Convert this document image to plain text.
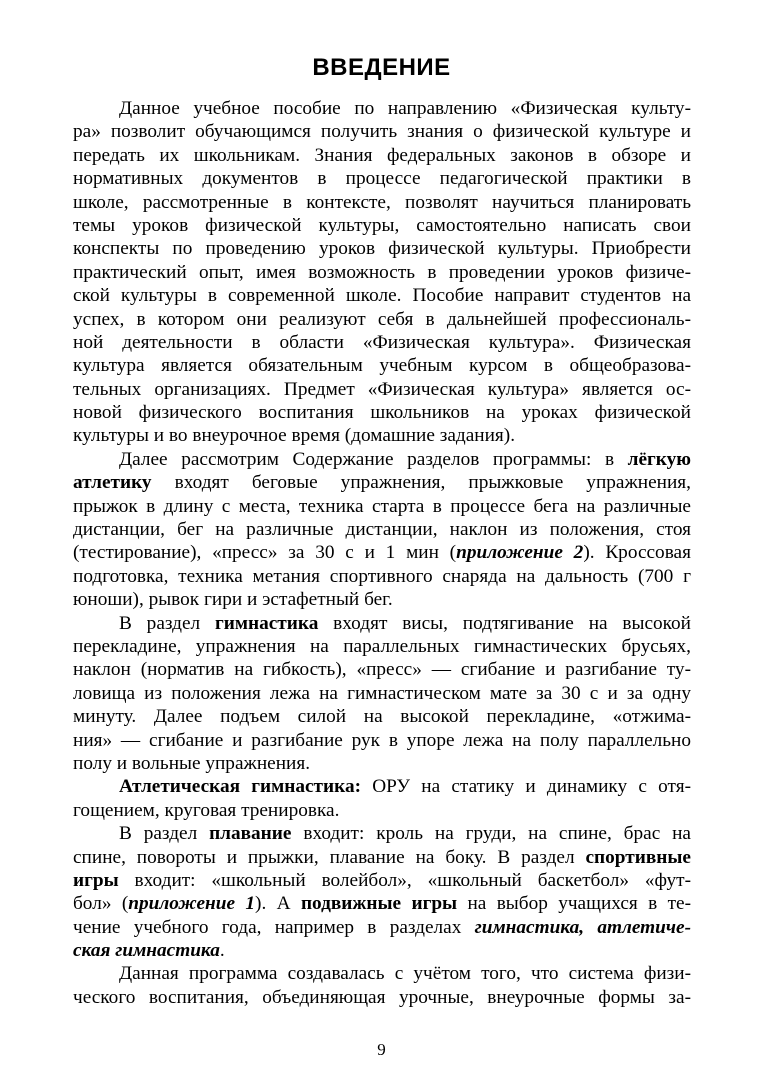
ВВЕДЕНИЕ
Данное учебное пособие по направлению «Физическая культу-
ра» позволит обучающимся получить знания о физической культуре и
передать их школьникам. Знания федеральных законов в обзоре и
нормативных документов в процессе педагогической практики в
школе, рассмотренные в контексте, позволят научиться планировать
темы уроков физической культуры, самостоятельно написать свои
конспекты по проведению уроков физической культуры. Приобрести
практический опыт, имея возможность в проведении уроков физиче-
ской культуры в современной школе. Пособие направит студентов на
успех, в котором они реализуют себя в дальнейшей профессиональ-
ной деятельности в области «Физическая культура». Физическая
культура является обязательным учебным курсом в общеобразова-
тельных организациях. Предмет «Физическая культура» является ос-
новой физического воспитания школьников на уроках физической
культуры и во внеурочное время (домашние задания).
Далее рассмотрим Содержание разделов программы: в лёгкую
атлетику входят беговые упражнения, прыжковые упражнения,
прыжок в длину с места, техника старта в процессе бега на различные
дистанции, бег на различные дистанции, наклон из положения, стоя
(тестирование), «пресс» за 30 с и 1 мин (приложение 2). Кроссовая
подготовка, техника метания спортивного снаряда на дальность (700 г
юноши), рывок гири и эстафетный бег.
В раздел гимнастика входят висы, подтягивание на высокой
перекладине, упражнения на параллельных гимнастических брусьях,
наклон (норматив на гибкость), «пресс» — сгибание и разгибание ту-
ловища из положения лежа на гимнастическом мате за 30 с и за одну
минуту. Далее подъем силой на высокой перекладине, «отжима-
ния» — сгибание и разгибание рук в упоре лежа на полу параллельно
полу и вольные упражнения.
Атлетическая гимнастика: ОРУ на статику и динамику с отя-
гощением, круговая тренировка.
В раздел плавание входит: кроль на груди, на спине, брас на
спине, повороты и прыжки, плавание на боку. В раздел спортивные
игры входит: «школьный волейбол», «школьный баскетбол» «фут-
бол» (приложение 1). А подвижные игры на выбор учащихся в те-
чение учебного года, например в разделах гимнастика, атлетиче-
ская гимнастика.
Данная программа создавалась с учётом того, что система физи-
ческого воспитания, объединяющая урочные, внеурочные формы за-
9
